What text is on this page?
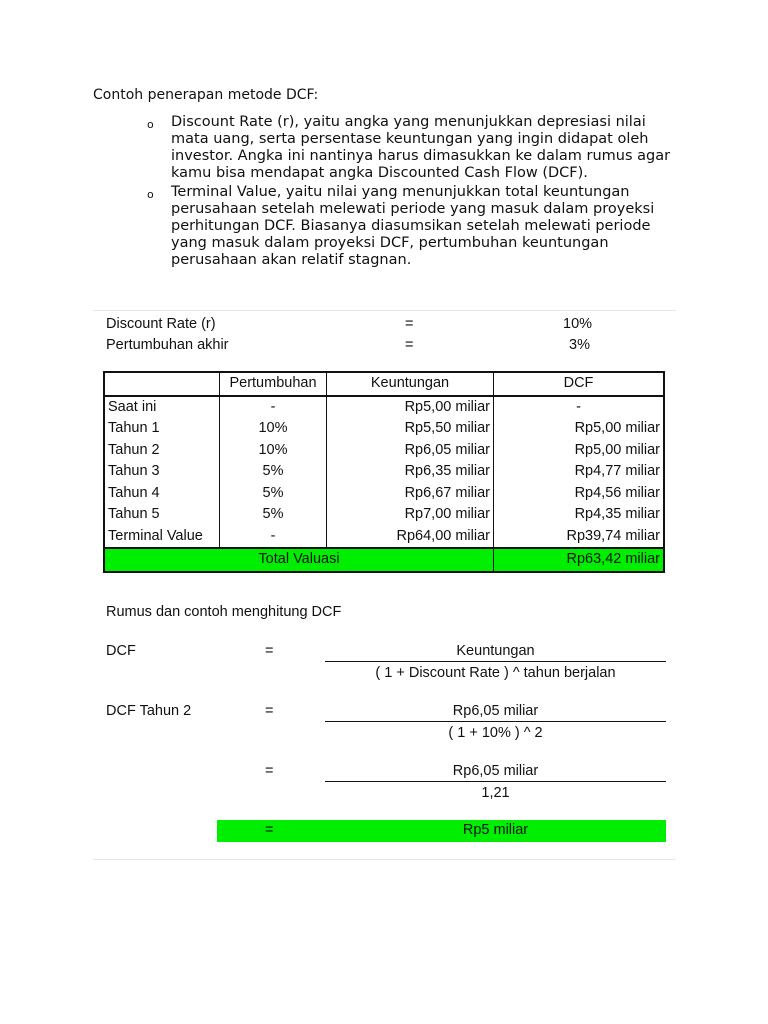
Contoh penerapan metode DCF:
o Discount Rate (r), yaitu angka yang menunjukkan depresiasi nilai mata uang, serta persentase keuntungan yang ingin didapat oleh investor. Angka ini nantinya harus dimasukkan ke dalam rumus agar kamu bisa mendapat angka Discounted Cash Flow (DCF).
o Terminal Value, yaitu nilai yang menunjukkan total keuntungan perusahaan setelah melewati periode yang masuk dalam proyeksi perhitungan DCF. Biasanya diasumsikan setelah melewati periode yang masuk dalam proyeksi DCF, pertumbuhan keuntungan perusahaan akan relatif stagnan.
Discount Rate (r)	=	10%
Pertumbuhan akhir	=	3%
	Pertumbuhan	Keuntungan	DCF
Saat ini	-	Rp5,00 miliar	-
Tahun 1	10%	Rp5,50 miliar	Rp5,00 miliar
Tahun 2	10%	Rp6,05 miliar	Rp5,00 miliar
Tahun 3	5%	Rp6,35 miliar	Rp4,77 miliar
Tahun 4	5%	Rp6,67 miliar	Rp4,56 miliar
Tahun 5	5%	Rp7,00 miliar	Rp4,35 miliar
Terminal Value	-	Rp64,00 miliar	Rp39,74 miliar
Total Valuasi			Rp63,42 miliar
Rumus dan contoh menghitung DCF
DCF	=	Keuntungan
( 1 + Discount Rate ) ^ tahun berjalan
DCF Tahun 2	=	Rp6,05 miliar
( 1 + 10% ) ^ 2
=	Rp6,05 miliar
1,21
=	Rp5 miliar
